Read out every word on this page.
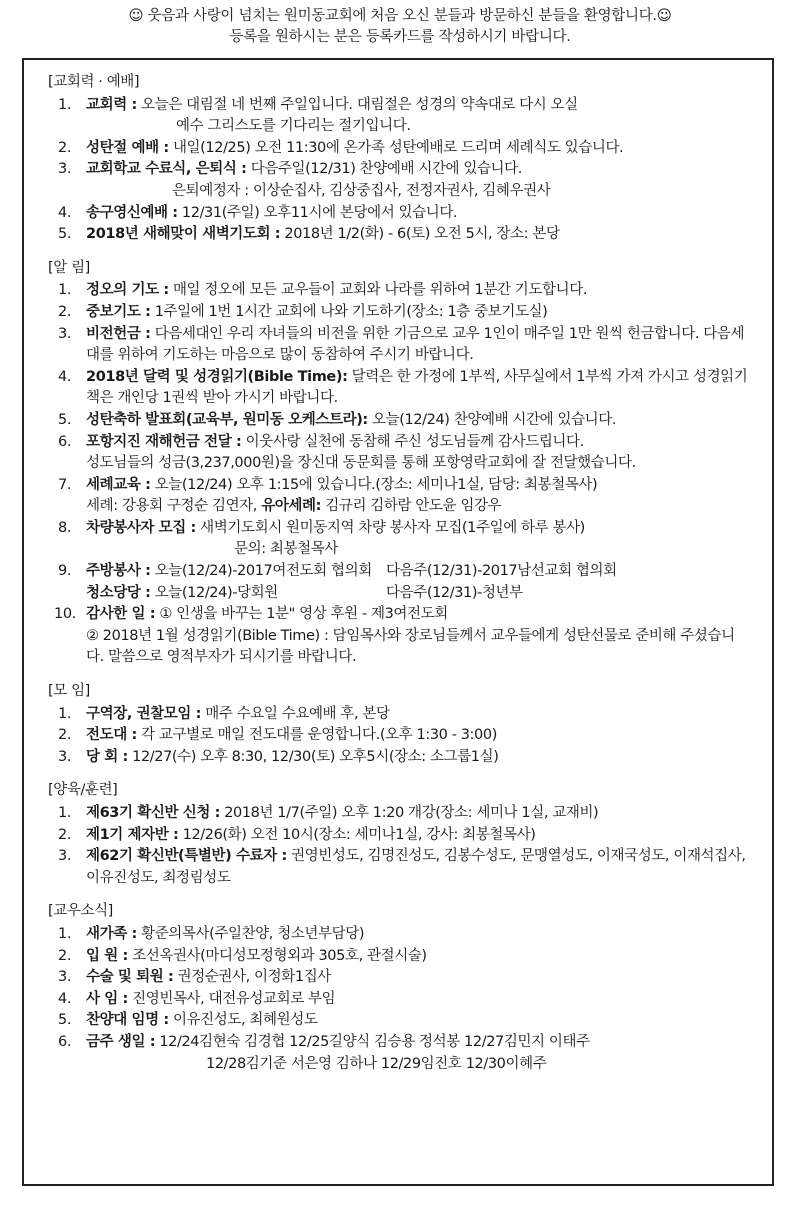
☺ 웃음과 사랑이 넘치는 원미동교회에 처음 오신 분들과 방문하신 분들을 환영합니다.☺
등록을 원하시는 분은 등록카드를 작성하시기 바랍니다.
[교회력 · 예배]
1.	교회력 : 오늘은 대림절 네 번째 주일입니다. 대림절은 성경의 약속대로 다시 오실
예수 그리스도를 기다리는 절기입니다.
2.	성탄절 예배 : 내일(12/25) 오전 11:30에 온가족 성탄예배로 드리며 세례식도 있습니다.
3.	교회학교 수료식, 은퇴식 : 다음주일(12/31) 찬양예배 시간에 있습니다.
은퇴예정자 : 이상순집사, 김상중집사, 전정자권사, 김혜우권사
4.	송구영신예배 : 12/31(주일) 오후11시에 본당에서 있습니다.
5.	2018년 새해맞이 새벽기도회 : 2018년 1/2(화) - 6(토) 오전 5시, 장소: 본당
[알 림]
1.	정오의 기도 : 매일 정오에 모든 교우들이 교회와 나라를 위하여 1분간 기도합니다.
2.	중보기도 : 1주일에 1번 1시간 교회에 나와 기도하기(장소: 1층 중보기도실)
3.	비전헌금 : 다음세대인 우리 자녀들의 비전을 위한 기금으로 교우 1인이 매주일 1만 원씩 헌금합니다. 다음세대를 위하여 기도하는 마음으로 많이 동참하여 주시기 바랍니다.
4.	2018년 달력 및 성경읽기(Bible Time): 달력은 한 가정에 1부씩, 사무실에서 1부씩 가져 가시고 성경읽기 책은 개인당 1권씩 받아 가시기 바랍니다.
5.	성탄축하 발표회(교육부, 원미동 오케스트라): 오늘(12/24) 찬양예배 시간에 있습니다.
6.	포항지진 재해헌금 전달 : 이웃사랑 실천에 동참해 주신 성도님들께 감사드립니다.
성도님들의 성금(3,237,000원)을 장신대 동문회를 통해 포항영락교회에 잘 전달했습니다.
7.	세례교육 : 오늘(12/24) 오후 1:15에 있습니다.(장소: 세미나1실, 담당: 최봉철목사)
세례: 강용회 구정순 김연자, 유아세례: 김규리 김하람 안도윤 임강우
8.	차량봉사자 모집 : 새벽기도회시 원미동지역 차량 봉사자 모집(1주일에 하루 봉사)
문의: 최봉철목사
9.	주방봉사 : 오늘(12/24)-2017여전도회 협의회 다음주(12/31)-2017남선교회 협의회
청소당당 : 오늘(12/24)-당회원	다음주(12/31)-청년부
10. 감사한 일 : ① 인생을 바꾸는 1분" 영상 후원 - 제3여전도회
② 2018년 1월 성경읽기(Bible Time) : 담임목사와 장로님들께서 교우들에게 성탄선물로 준비해 주셨습니다. 말씀으로 영적부자가 되시기를 바랍니다.
[모 임]
1.	구역장, 권찰모임 : 매주 수요일 수요예배 후, 본당
2.	전도대 : 각 교구별로 매일 전도대를 운영합니다.(오후 1:30 - 3:00)
3.	당 회 : 12/27(수) 오후 8:30, 12/30(토) 오후5시(장소: 소그룹1실)
[양육/훈련]
1.	제63기 확신반 신청 : 2018년 1/7(주일) 오후 1:20 개강(장소: 세미나 1실, 교재비)
2.	제1기 제자반 : 12/26(화) 오전 10시(장소: 세미나1실, 강사: 최봉철목사)
3.	제62기 확신반(특별반) 수료자 : 권영빈성도, 김명진성도, 김봉수성도, 문맹열성도, 이재국성도, 이재석집사, 이유진성도, 최정림성도
[교우소식]
1.	새가족 : 황준의목사(주일찬양, 청소년부담당)
2.	입 원 : 조선옥권사(마디성모정형외과 305호, 관절시술)
3.	수술 및 퇴원 : 권정순권사, 이정화1집사
4.	사 임 : 진영빈목사, 대전유성교회로 부임
5.	찬양대 임명 : 이유진성도, 최혜원성도
6.	금주 생일 : 12/24김현숙 김경협 12/25길양식 김승용 정석봉 12/27김민지 이태주
12/28김기준 서은영 김하나 12/29임진호 12/30이혜주
